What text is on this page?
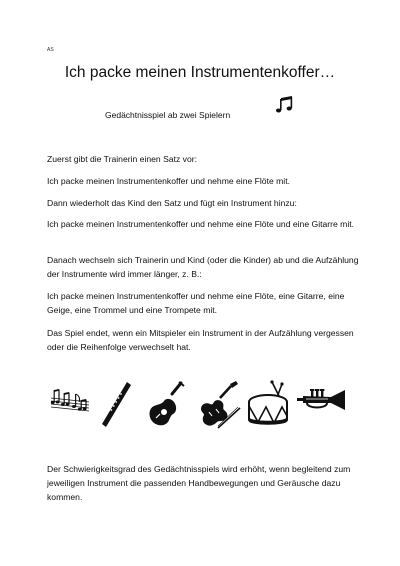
AS
Ich packe meinen Instrumentenkoffer…
Gedächtnisspiel ab zwei Spielern
Zuerst gibt die Trainerin einen Satz vor:
Ich packe meinen Instrumentenkoffer und nehme eine Flöte mit.
Dann wiederholt das Kind den Satz und fügt ein Instrument hinzu:
Ich packe meinen Instrumentenkoffer und nehme eine Flöte und eine Gitarre mit.
Danach wechseln sich Trainerin und Kind (oder die Kinder) ab und die Aufzählung der Instrumente wird immer länger, z. B.:
Ich packe meinen Instrumentenkoffer und nehme eine Flöte, eine Gitarre, eine Geige, eine Trommel und eine Trompete mit.
Das Spiel endet, wenn ein Mitspieler ein Instrument in der Aufzählung vergessen oder die Reihenfolge verwechselt hat.
Der Schwierigkeitsgrad des Gedächtnisspiels wird erhöht, wenn begleitend zum jeweiligen Instrument die passenden Handbewegungen und Geräusche dazu kommen.
